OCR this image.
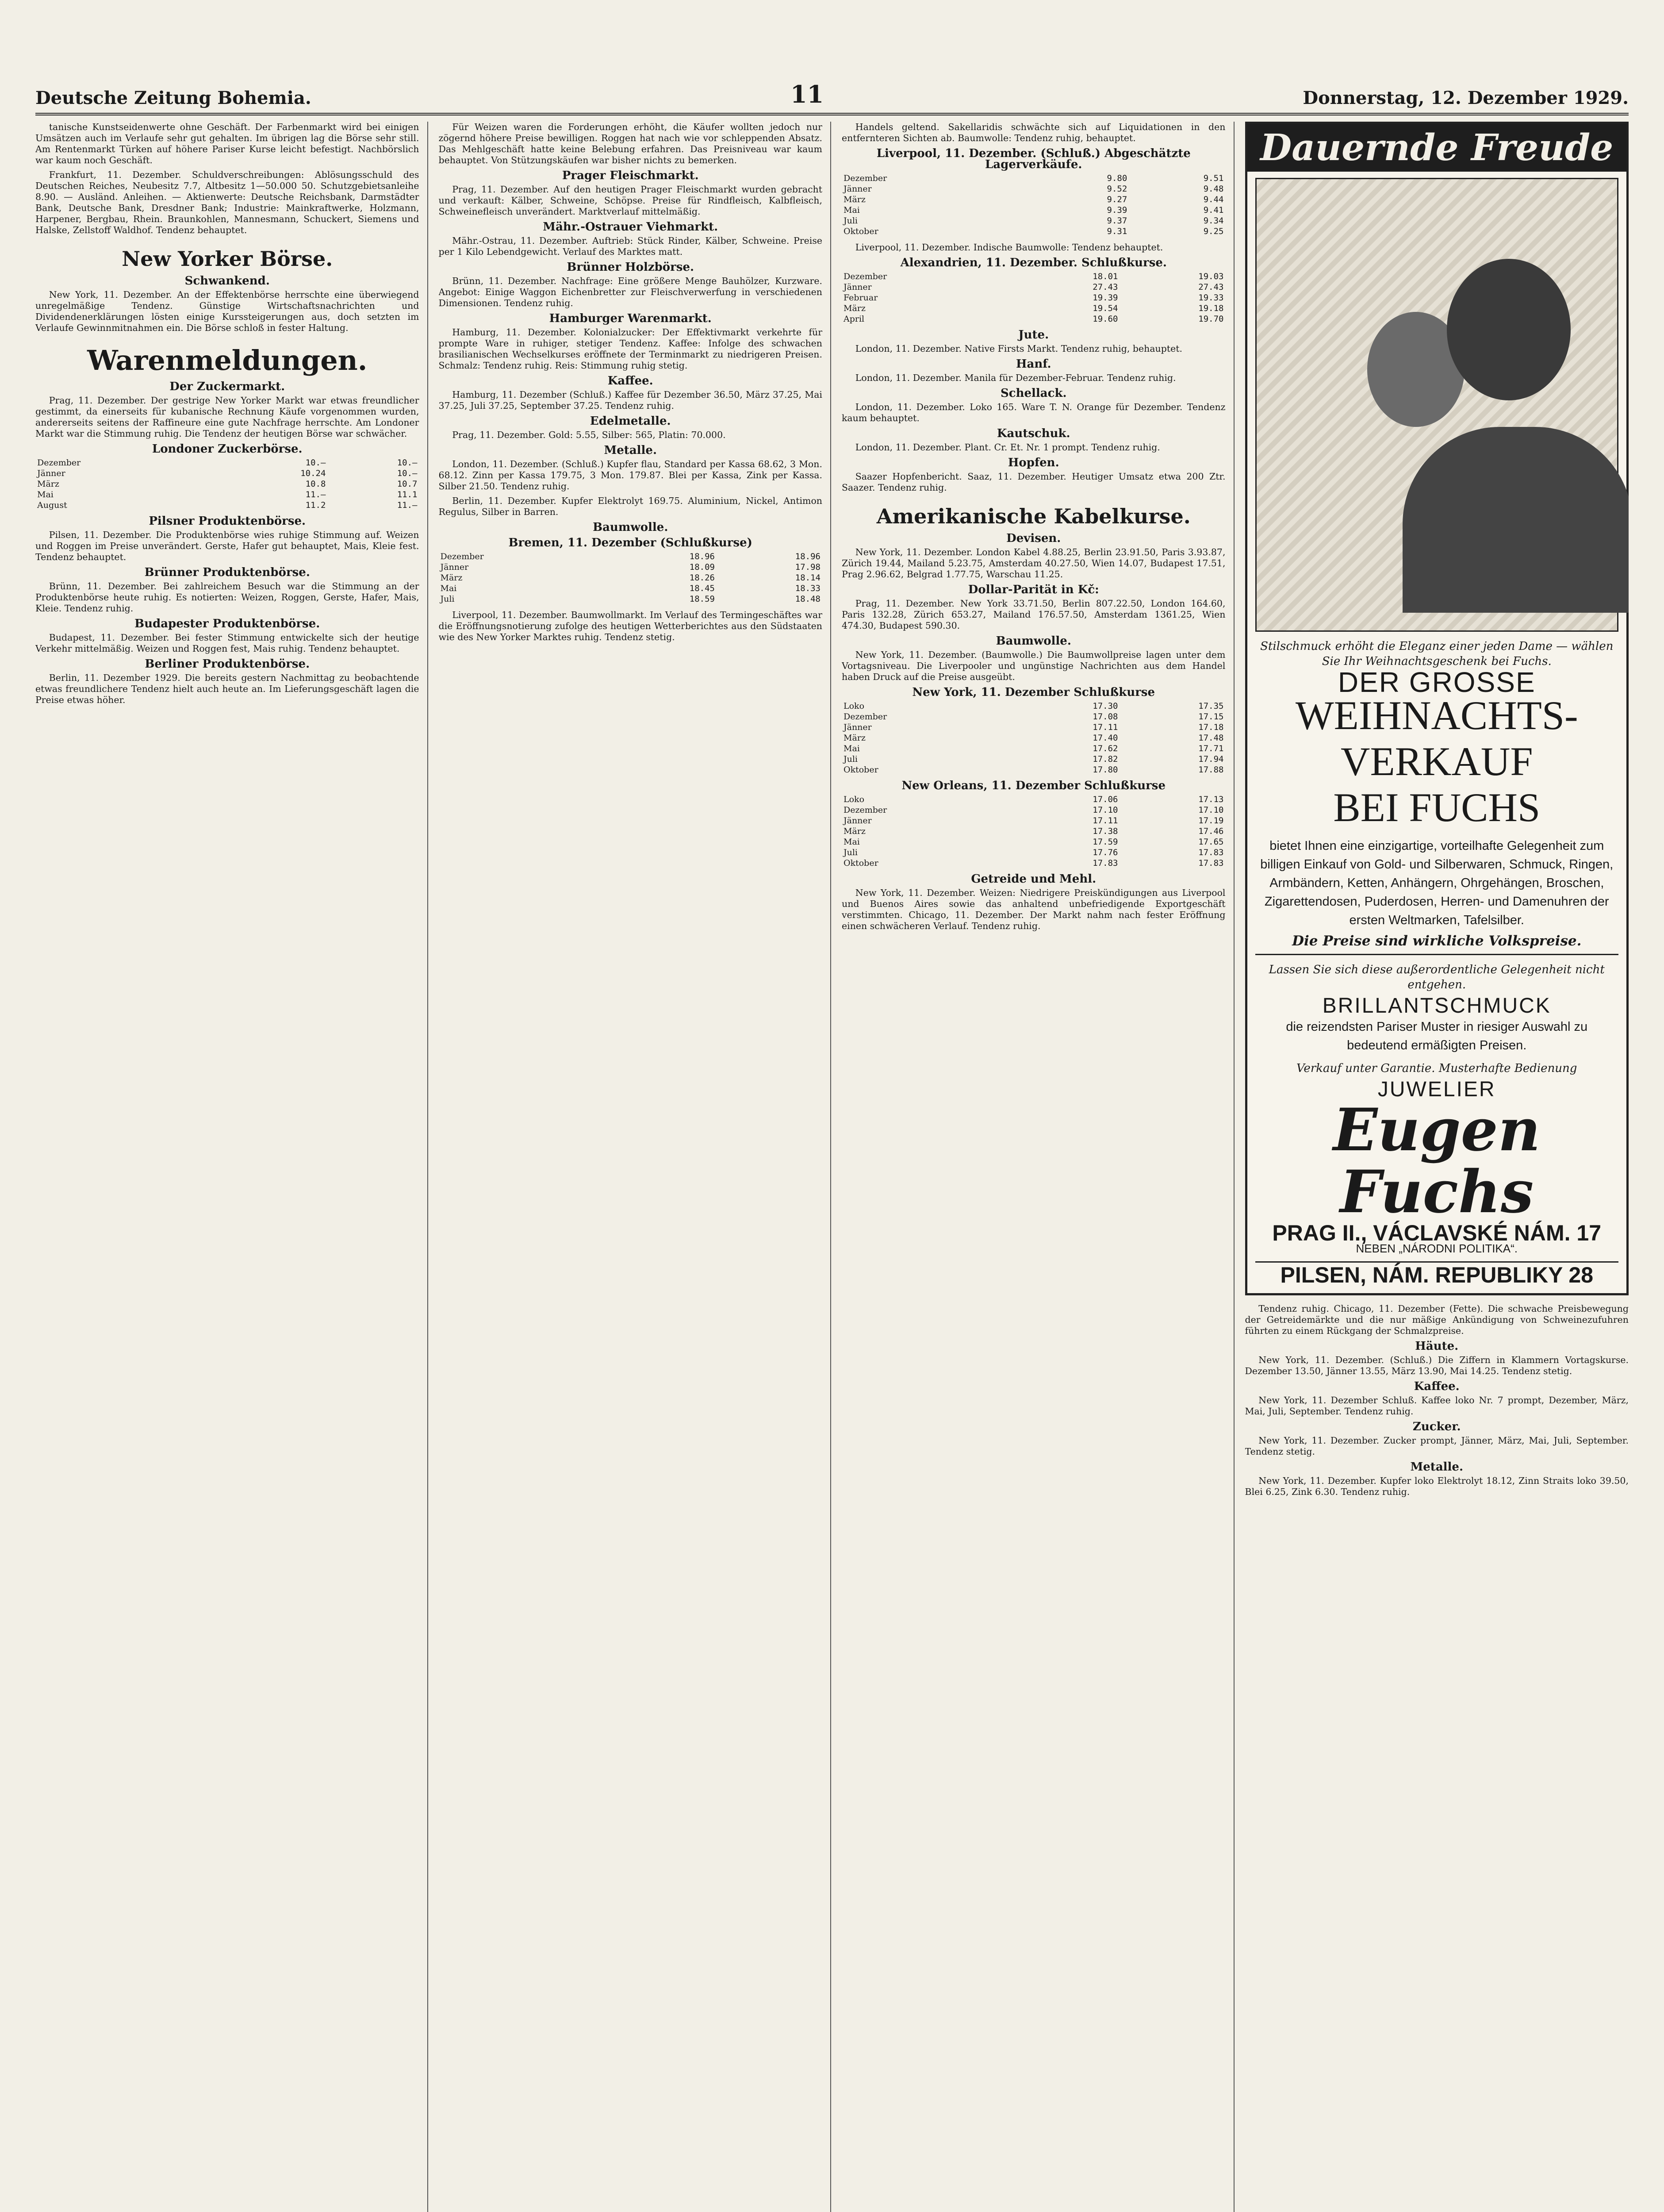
Deutsche Zeitung Bohemia.	11	Donnerstag, 12. Dezember 1929.

tanische Kunstseidenwerte ohne Geschäft. Der Farbenmarkt wird bei einigen Umsätzen auch im Verlaufe sehr gut gehalten. Im übrigen lag die Börse sehr still. Am Rentenmarkt Türken auf höhere Pariser Kurse leicht befestigt. Nachbörslich war kaum noch Geschäft.

Frankfurt, 11. Dezember. Schuldverschreibungen: Ablösungsschuld des Deutschen Reiches, Neubesitz 7.7, Altbesitz 1—50.000 50. Schutzgebietsanleihe 8.90. — Ausländ. Anleihen. — Aktienwerte: Deutsche Reichsbank, Darmstädter Bank, Deutsche Bank, Dresdner Bank; Industrie: Mainkraftwerke, Holzmann, Harpener, Bergbau, Rhein. Braunkohlen, Mannesmann, Schuckert, Siemens und Halske, Zellstoff Waldhof. Tendenz behauptet.

New Yorker Börse.
Schwankend.

New York, 11. Dezember. An der Effektenbörse herrschte eine überwiegend unregelmäßige Tendenz. Günstige Wirtschaftsnachrichten und Dividendenerklärungen lösten einige Kurssteigerungen aus, doch setzten im Verlaufe Gewinnmitnahmen ein. Die Börse schloß in fester Haltung.

Warenmeldungen.
Der Zuckermarkt.

Prag, 11. Dezember. Der gestrige New Yorker Markt war etwas freundlicher gestimmt, da einerseits für kubanische Rechnung Käufe vorgenommen wurden, andererseits seitens der Raffineure eine gute Nachfrage herrschte. Am Londoner Markt war die Stimmung ruhig. Die Tendenz der heutigen Börse war schwächer.

Londoner Zuckerbörse.
Dezember	10.—	10.—
Jänner	10.24	10.—
März	10.8	10.7
Mai	11.—	11.1
August	11.2	11.—
Pilsner Produktenbörse.

Pilsen, 11. Dezember. Die Produktenbörse wies ruhige Stimmung auf. Weizen und Roggen im Preise unverändert. Gerste, Hafer gut behauptet, Mais, Kleie fest. Tendenz behauptet.

Brünner Produktenbörse.

Brünn, 11. Dezember. Bei zahlreichem Besuch war die Stimmung an der Produktenbörse heute ruhig. Es notierten: Weizen, Roggen, Gerste, Hafer, Mais, Kleie. Tendenz ruhig.

Budapester Produktenbörse.

Budapest, 11. Dezember. Bei fester Stimmung entwickelte sich der heutige Verkehr mittelmäßig. Weizen und Roggen fest, Mais ruhig. Tendenz behauptet.

Berliner Produktenbörse.

Berlin, 11. Dezember 1929. Die bereits gestern Nachmittag zu beobachtende etwas freundlichere Tendenz hielt auch heute an. Im Lieferungsgeschäft lagen die Preise etwas höher.

Für Weizen waren die Forderungen erhöht, die Käufer wollten jedoch nur zögernd höhere Preise bewilligen. Roggen hat nach wie vor schleppenden Absatz. Das Mehlgeschäft hatte keine Belebung erfahren. Das Preisniveau war kaum behauptet. Von Stützungskäufen war bisher nichts zu bemerken.

Prager Fleischmarkt.

Prag, 11. Dezember. Auf den heutigen Prager Fleischmarkt wurden gebracht und verkauft: Kälber, Schweine, Schöpse. Preise für Rindfleisch, Kalbfleisch, Schweinefleisch unverändert. Marktverlauf mittelmäßig.

Mähr.-Ostrauer Viehmarkt.

Mähr.-Ostrau, 11. Dezember. Auftrieb: Stück Rinder, Kälber, Schweine. Preise per 1 Kilo Lebendgewicht. Verlauf des Marktes matt.

Brünner Holzbörse.

Brünn, 11. Dezember. Nachfrage: Eine größere Menge Bauhölzer, Kurzware. Angebot: Einige Waggon Eichenbretter zur Fleischverwerfung in verschiedenen Dimensionen. Tendenz ruhig.

Hamburger Warenmarkt.

Hamburg, 11. Dezember. Kolonialzucker: Der Effektivmarkt verkehrte für prompte Ware in ruhiger, stetiger Tendenz. Kaffee: Infolge des schwachen brasilianischen Wechselkurses eröffnete der Terminmarkt zu niedrigeren Preisen. Schmalz: Tendenz ruhig. Reis: Stimmung ruhig stetig.

Kaffee.

Hamburg, 11. Dezember (Schluß.) Kaffee für Dezember 36.50, März 37.25, Mai 37.25, Juli 37.25, September 37.25. Tendenz ruhig.

Edelmetalle.

Prag, 11. Dezember. Gold: 5.55, Silber: 565, Platin: 70.000.

Metalle.

London, 11. Dezember. (Schluß.) Kupfer flau, Standard per Kassa 68.62, 3 Mon. 68.12. Zinn per Kassa 179.75, 3 Mon. 179.87. Blei per Kassa, Zink per Kassa. Silber 21.50. Tendenz ruhig.

Berlin, 11. Dezember. Kupfer Elektrolyt 169.75. Aluminium, Nickel, Antimon Regulus, Silber in Barren.

Baumwolle.
Bremen, 11. Dezember (Schlußkurse)
Dezember	18.96	18.96
Jänner	18.09	17.98
März	18.26	18.14
Mai	18.45	18.33
Juli	18.59	18.48

Liverpool, 11. Dezember. Baumwollmarkt. Im Verlauf des Termingeschäftes war die Eröffnungsnotierung zufolge des heutigen Wetterberichtes aus den Südstaaten wie des New Yorker Marktes ruhig. Tendenz stetig.

Handels geltend. Sakellaridis schwächte sich auf Liquidationen in den entfernteren Sichten ab. Baumwolle: Tendenz ruhig, behauptet.

Liverpool, 11. Dezember. (Schluß.) Abgeschätzte Lagerverkäufe.
Dezember	9.80	9.51
Jänner	9.52	9.48
März	9.27	9.44
Mai	9.39	9.41
Juli	9.37	9.34
Oktober	9.31	9.25

Liverpool, 11. Dezember. Indische Baumwolle: Tendenz behauptet.

Alexandrien, 11. Dezember. Schlußkurse.
Dezember	18.01	19.03
Jänner	27.43	27.43
Februar	19.39	19.33
März	19.54	19.18
April	19.60	19.70
Jute.

London, 11. Dezember. Native Firsts Markt. Tendenz ruhig, behauptet.

Hanf.

London, 11. Dezember. Manila für Dezember-Februar. Tendenz ruhig.

Schellack.

London, 11. Dezember. Loko 165. Ware T. N. Orange für Dezember. Tendenz kaum behauptet.

Kautschuk.

London, 11. Dezember. Plant. Cr. Et. Nr. 1 prompt. Tendenz ruhig.

Hopfen.

Saazer Hopfenbericht. Saaz, 11. Dezember. Heutiger Umsatz etwa 200 Ztr. Saazer. Tendenz ruhig.

Amerikanische Kabelkurse.
Devisen.

New York, 11. Dezember. London Kabel 4.88.25, Berlin 23.91.50, Paris 3.93.87, Zürich 19.44, Mailand 5.23.75, Amsterdam 40.27.50, Wien 14.07, Budapest 17.51, Prag 2.96.62, Belgrad 1.77.75, Warschau 11.25.

Dollar-Parität in Kč:

Prag, 11. Dezember. New York 33.71.50, Berlin 807.22.50, London 164.60, Paris 132.28, Zürich 653.27, Mailand 176.57.50, Amsterdam 1361.25, Wien 474.30, Budapest 590.30.

Baumwolle.

New York, 11. Dezember. (Baumwolle.) Die Baumwollpreise lagen unter dem Vortagsniveau. Die Liverpooler und ungünstige Nachrichten aus dem Handel haben Druck auf die Preise ausgeübt.

New York, 11. Dezember Schlußkurse
Loko	17.30	17.35
Dezember	17.08	17.15
Jänner	17.11	17.18
März	17.40	17.48
Mai	17.62	17.71
Juli	17.82	17.94
Oktober	17.80	17.88
New Orleans, 11. Dezember Schlußkurse
Loko	17.06	17.13
Dezember	17.10	17.10
Jänner	17.11	17.19
März	17.38	17.46
Mai	17.59	17.65
Juli	17.76	17.83
Oktober	17.83	17.83
Getreide und Mehl.

New York, 11. Dezember. Weizen: Niedrigere Preiskündigungen aus Liverpool und Buenos Aires sowie das anhaltend unbefriedigende Exportgeschäft verstimmten. Chicago, 11. Dezember. Der Markt nahm nach fester Eröffnung einen schwächeren Verlauf. Tendenz ruhig.

Dauernde Freude
Stilschmuck erhöht die Eleganz einer jeden Dame — wählen Sie Ihr Weihnachtsgeschenk bei Fuchs.
DER GROSSE
WEIHNACHTS-
VERKAUF
BEI FUCHS
bietet Ihnen eine einzigartige, vorteilhafte Gelegenheit zum billigen Einkauf von Gold- und Silberwaren, Schmuck, Ringen, Armbändern, Ketten, Anhängern, Ohrgehängen, Broschen, Zigarettendosen, Puderdosen, Herren- und Damenuhren der ersten Weltmarken, Tafelsilber.
Die Preise sind wirkliche Volkspreise.
Lassen Sie sich diese außerordentliche Gelegenheit nicht entgehen.
BRILLANTSCHMUCK
die reizendsten Pariser Muster in riesiger Auswahl zu bedeutend ermäßigten Preisen.
Verkauf unter Garantie. Musterhafte Bedienung
JUWELIER
Eugen Fuchs
PRAG II., VÁCLAVSKÉ NÁM. 17
NEBEN „NÁRODNI POLITIKA“.
PILSEN, NÁM. REPUBLIKY 28

Tendenz ruhig. Chicago, 11. Dezember (Fette). Die schwache Preisbewegung der Getreidemärkte und die nur mäßige Ankündigung von Schweinezufuhren führten zu einem Rückgang der Schmalzpreise.

Häute.

New York, 11. Dezember. (Schluß.) Die Ziffern in Klammern Vortagskurse. Dezember 13.50, Jänner 13.55, März 13.90, Mai 14.25. Tendenz stetig.

Kaffee.

New York, 11. Dezember Schluß. Kaffee loko Nr. 7 prompt, Dezember, März, Mai, Juli, September. Tendenz ruhig.

Zucker.

New York, 11. Dezember. Zucker prompt, Jänner, März, Mai, Juli, September. Tendenz stetig.

Metalle.

New York, 11. Dezember. Kupfer loko Elektrolyt 18.12, Zinn Straits loko 39.50, Blei 6.25, Zink 6.30. Tendenz ruhig.
